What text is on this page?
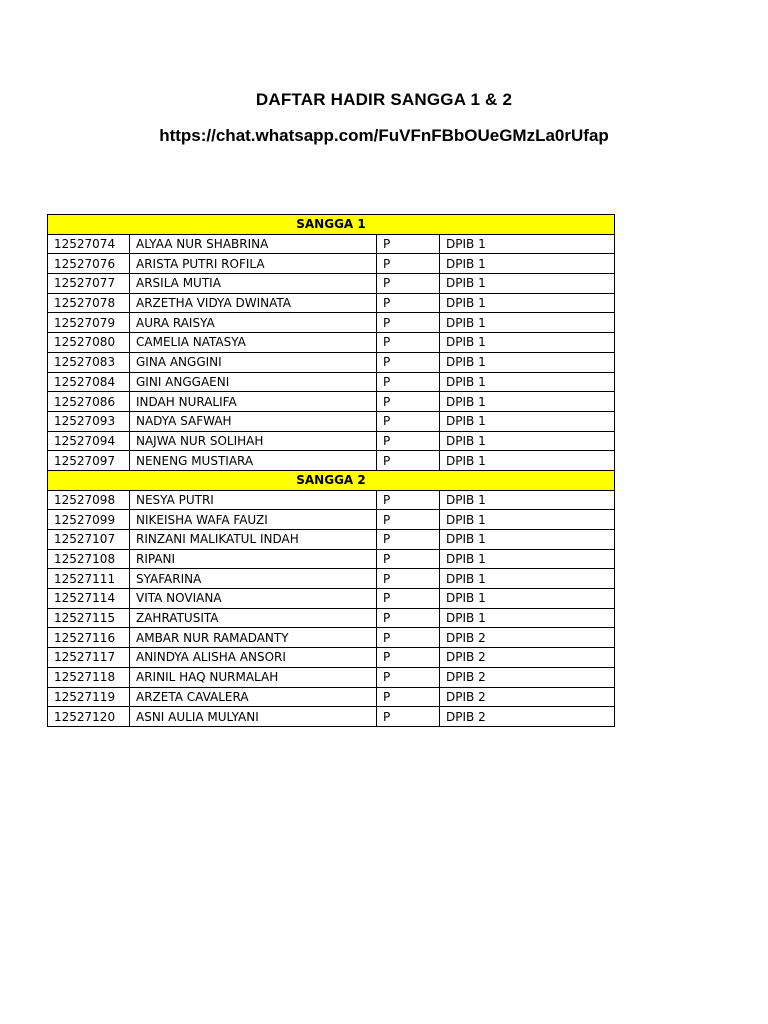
DAFTAR HADIR SANGGA 1 & 2
https://chat.whatsapp.com/FuVFnFBbOUeGMzLa0rUfap
SANGGA 1			
12527074	ALYAA NUR SHABRINA	P	DPIB 1
12527076	ARISTA PUTRI ROFILA	P	DPIB 1
12527077	ARSILA MUTIA	P	DPIB 1
12527078	ARZETHA VIDYA DWINATA	P	DPIB 1
12527079	AURA RAISYA	P	DPIB 1
12527080	CAMELIA NATASYA	P	DPIB 1
12527083	GINA ANGGINI	P	DPIB 1
12527084	GINI ANGGAENI	P	DPIB 1
12527086	INDAH NURALIFA	P	DPIB 1
12527093	NADYA SAFWAH	P	DPIB 1
12527094	NAJWA NUR SOLIHAH	P	DPIB 1
12527097	NENENG MUSTIARA	P	DPIB 1
SANGGA 2			
12527098	NESYA PUTRI	P	DPIB 1
12527099	NIKEISHA WAFA FAUZI	P	DPIB 1
12527107	RINZANI MALIKATUL INDAH	P	DPIB 1
12527108	RIPANI	P	DPIB 1
12527111	SYAFARINA	P	DPIB 1
12527114	VITA NOVIANA	P	DPIB 1
12527115	ZAHRATUSITA	P	DPIB 1
12527116	AMBAR NUR RAMADANTY	P	DPIB 2
12527117	ANINDYA ALISHA ANSORI	P	DPIB 2
12527118	ARINIL HAQ NURMALAH	P	DPIB 2
12527119	ARZETA CAVALERA	P	DPIB 2
12527120	ASNI AULIA MULYANI	P	DPIB 2
